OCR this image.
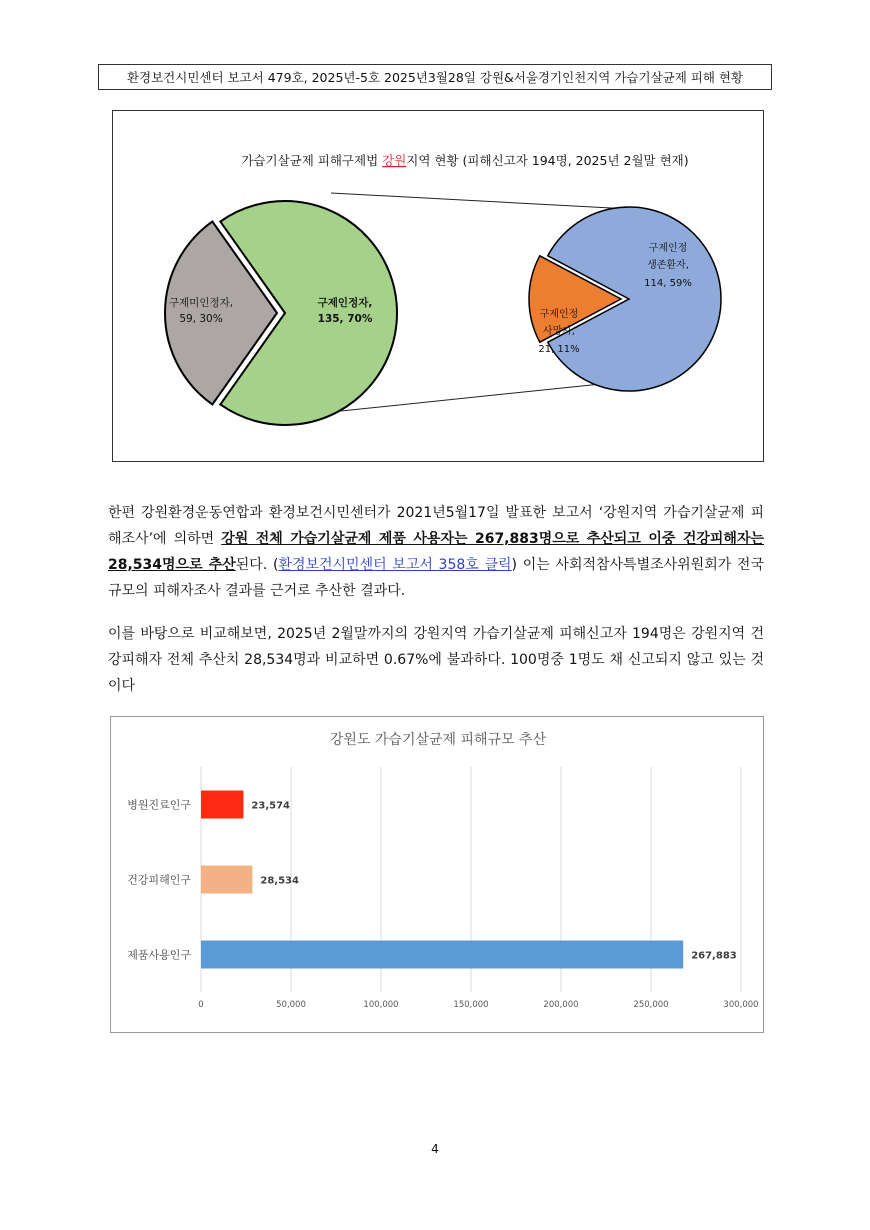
환경보건시민센터 보고서 479호, 2025년-5호 2025년3월28일 강원&서울경기인천지역 가습기살균제 피해 현황
가습기살균제 피해구제법 강원지역 현황 (피해신고자 194명, 2025년 2월말 현재)
구제인정자,
135, 70%
구제미인정자,
59, 30%
구제인정
생존환자,
114, 59%
구제인정
사망자,
21, 11%
한편 강원환경운동연합과 환경보건시민센터가 2021년5월17일 발표한 보고서 ‘강원지역 가습기살균제 피해조사’에 의하면 강원 전체 가습기살균제 제품 사용자는 267,883명으로 추산되고 이중 건강피해자는 28,534명으로 추산된다. (환경보건시민센터 보고서 358호 클릭) 이는 사회적참사특별조사위원회가 전국규모의 피해자조사 결과를 근거로 추산한 결과다.
이를 바탕으로 비교해보면, 2025년 2월말까지의 강원지역 가습기살균제 피해신고자 194명은 강원지역 건강피해자 전체 추산치 28,534명과 비교하면 0.67%에 불과하다. 100명중 1명도 채 신고되지 않고 있는 것이다
강원도 가습기살균제 피해규모 추산
0	50,000	100,000	150,000	200,000	250,000	300,000
병원진료인구	23,574
건강피해인구	28,534
제품사용인구	267,883
4
